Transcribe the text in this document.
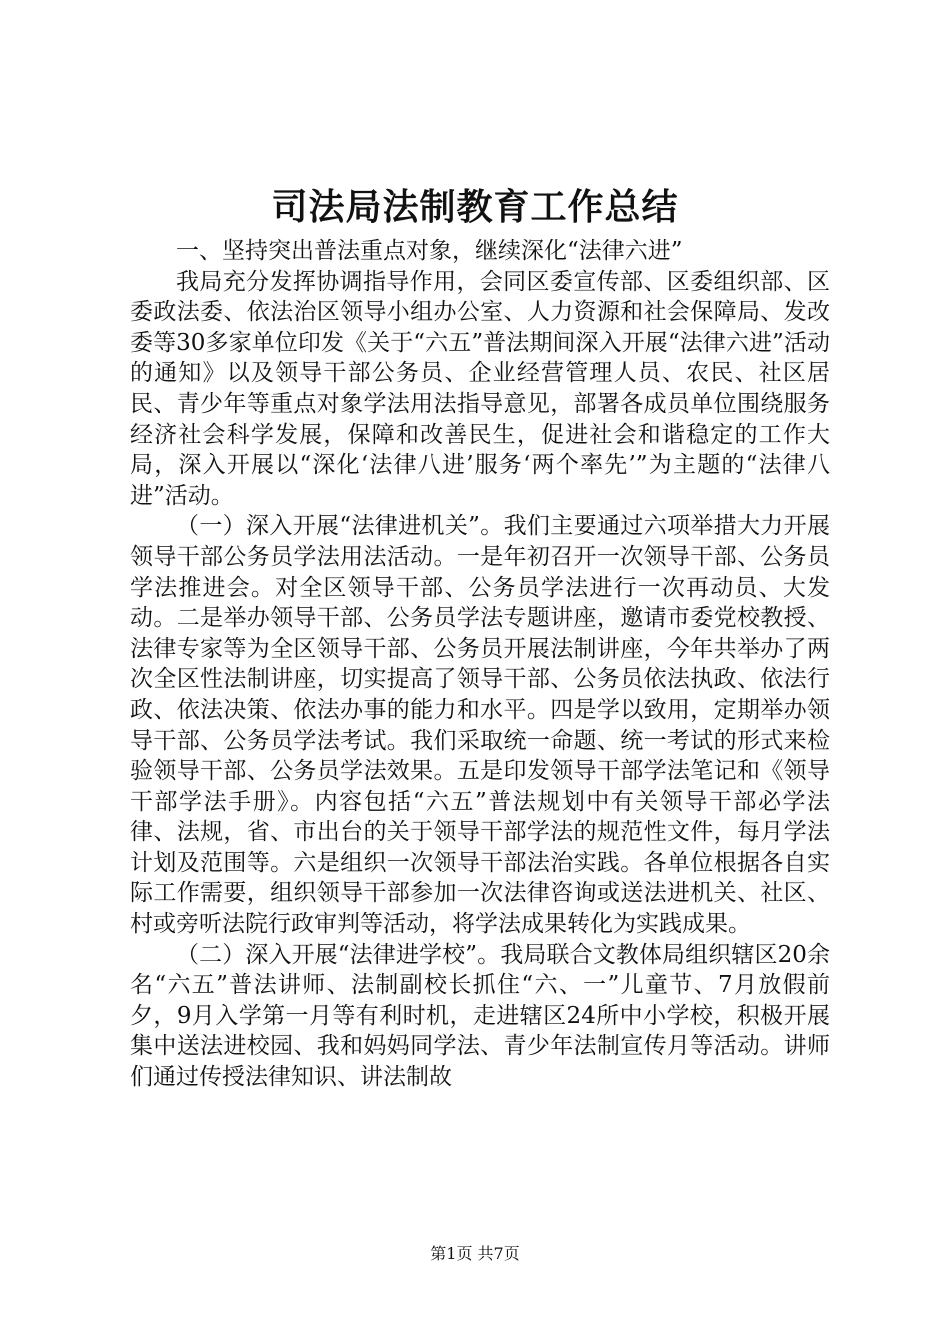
司法局法制教育工作总结

一、坚持突出普法重点对象，继续深化“法律六进”

我局充分发挥协调指导作用，会同区委宣传部、区委组织部、区委政法委、依法治区领导小组办公室、人力资源和社会保障局、发改委等30多家单位印发《关于“六五”普法期间深入开展“法律六进”活动的通知》以及领导干部公务员、企业经营管理人员、农民、社区居民、青少年等重点对象学法用法指导意见，部署各成员单位围绕服务经济社会科学发展，保障和改善民生，促进社会和谐稳定的工作大局，深入开展以“深化‘法律八进’服务‘两个率先’”为主题的“法律八进”活动。

（一）深入开展“法律进机关”。我们主要通过六项举措大力开展领导干部公务员学法用法活动。一是年初召开一次领导干部、公务员学法推进会。对全区领导干部、公务员学法进行一次再动员、大发动。二是举办领导干部、公务员学法专题讲座，邀请市委党校教授、法律专家等为全区领导干部、公务员开展法制讲座，今年共举办了两次全区性法制讲座，切实提高了领导干部、公务员依法执政、依法行政、依法决策、依法办事的能力和水平。四是学以致用，定期举办领导干部、公务员学法考试。我们采取统一命题、统一考试的形式来检验领导干部、公务员学法效果。五是印发领导干部学法笔记和《领导干部学法手册》。内容包括“六五”普法规划中有关领导干部必学法律、法规，省、市出台的关于领导干部学法的规范性文件，每月学法计划及范围等。六是组织一次领导干部法治实践。各单位根据各自实际工作需要，组织领导干部参加一次法律咨询或送法进机关、社区、村或旁听法院行政审判等活动，将学法成果转化为实践成果。

（二）深入开展“法律进学校”。我局联合文教体局组织辖区20余名“六五”普法讲师、法制副校长抓住“六、一”儿童节、7月放假前夕，9月入学第一月等有利时机，走进辖区24所中小学校，积极开展集中送法进校园、我和妈妈同学法、青少年法制宣传月等活动。讲师们通过传授法律知识、讲法制故

第1页 共7页
